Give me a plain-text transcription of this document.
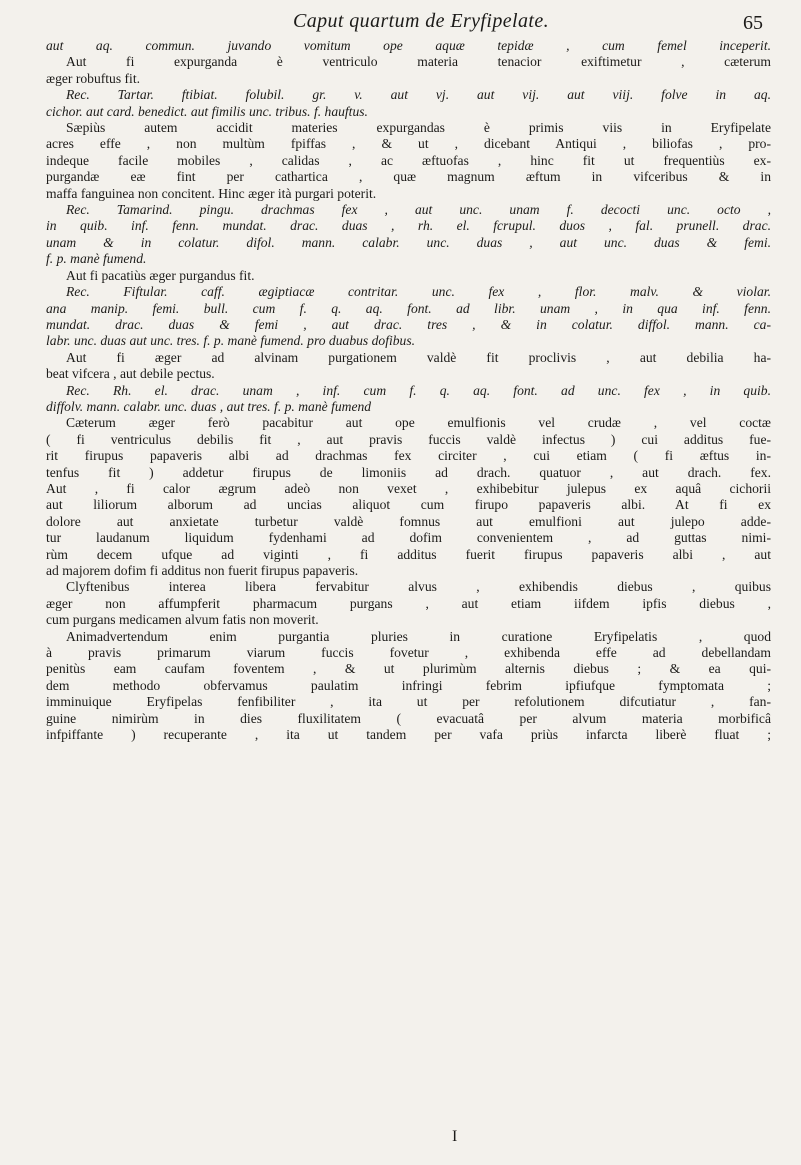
Caput quartum de Eryfipelate.	65
aut aq. commun. juvando vomitum ope aquæ tepidæ , cum femel inceperit.
Aut fi expurganda è ventriculo materia tenacior exiftimetur , cæterum
æger robuftus fit.
Rec. Tartar. ftibiat. folubil. gr. v. aut vj. aut vij. aut viij. folve in aq.
cichor. aut card. benedict. aut fimilis unc. tribus. f. hauftus.
Sæpiùs autem accidit materies expurgandas è primis viis in Eryfipelate
acres effe , non multùm fpiffas , & ut , dicebant Antiqui , biliofas , pro-
indeque facile mobiles , calidas , ac æftuofas , hinc fit ut frequentiùs ex-
purgandæ eæ fint per cathartica , quæ magnum æftum in vifceribus & in
maffa fanguinea non concitent. Hinc æger ità purgari poterit.
Rec. Tamarind. pingu. drachmas fex , aut unc. unam f. decocti unc. octo ,
in quib. inf. fenn. mundat. drac. duas , rh. el. fcrupul. duos , fal. prunell. drac.
unam & in colatur. difol. mann. calabr. unc. duas , aut unc. duas & femi.
f. p. manè fumend.
Aut fi pacatiùs æger purgandus fit.
Rec. Fiftular. caff. ægiptiacæ contritar. unc. fex , flor. malv. & violar.
ana manip. femi. bull. cum f. q. aq. font. ad libr. unam , in qua inf. fenn.
mundat. drac. duas & femi , aut drac. tres , & in colatur. diffol. mann. ca-
labr. unc. duas aut unc. tres. f. p. manè fumend. pro duabus dofibus.
Aut fi æger ad alvinam purgationem valdè fit proclivis , aut debilia ha-
beat vifcera , aut debile pectus.
Rec. Rh. el. drac. unam , inf. cum f. q. aq. font. ad unc. fex , in quib.
diffolv. mann. calabr. unc. duas , aut tres. f. p. manè fumend
Cæterum æger ferò pacabitur aut ope emulfionis vel crudæ , vel coctæ
( fi ventriculus debilis fit , aut pravis fuccis valdè infectus ) cui additus fue-
rit firupus papaveris albi ad drachmas fex circiter , cui etiam ( fi æftus in-
tenfus fit ) addetur firupus de limoniis ad drach. quatuor , aut drach. fex.
Aut , fi calor ægrum adeò non vexet , exhibebitur julepus ex aquâ cichorii
aut liliorum alborum ad uncias aliquot cum firupo papaveris albi. At fi ex
dolore aut anxietate turbetur valdè fomnus aut emulfioni aut julepo adde-
tur laudanum liquidum fydenhami ad dofim convenientem , ad guttas nimi-
rùm decem ufque ad viginti , fi additus fuerit firupus papaveris albi , aut
ad majorem dofim fi additus non fuerit firupus papaveris.
Clyftenibus interea libera fervabitur alvus , exhibendis diebus , quibus
æger non affumpferit pharmacum purgans , aut etiam iifdem ipfis diebus ,
cum purgans medicamen alvum fatis non moverit.
Animadvertendum enim purgantia pluries in curatione Eryfipelatis , quod
à pravis primarum viarum fuccis fovetur , exhibenda effe ad debellandam
penitùs eam caufam foventem , & ut plurimùm alternis diebus ; & ea qui-
dem methodo obfervamus paulatim infringi febrim ipfiufque fymptomata ;
imminuique Eryfipelas fenfibiliter , ita ut per refolutionem difcutiatur , fan-
guine nimirùm in dies fluxilitatem ( evacuatâ per alvum materia morbificâ
infpiffante ) recuperante , ita ut tandem per vafa priùs infarcta liberè fluat ;
I
